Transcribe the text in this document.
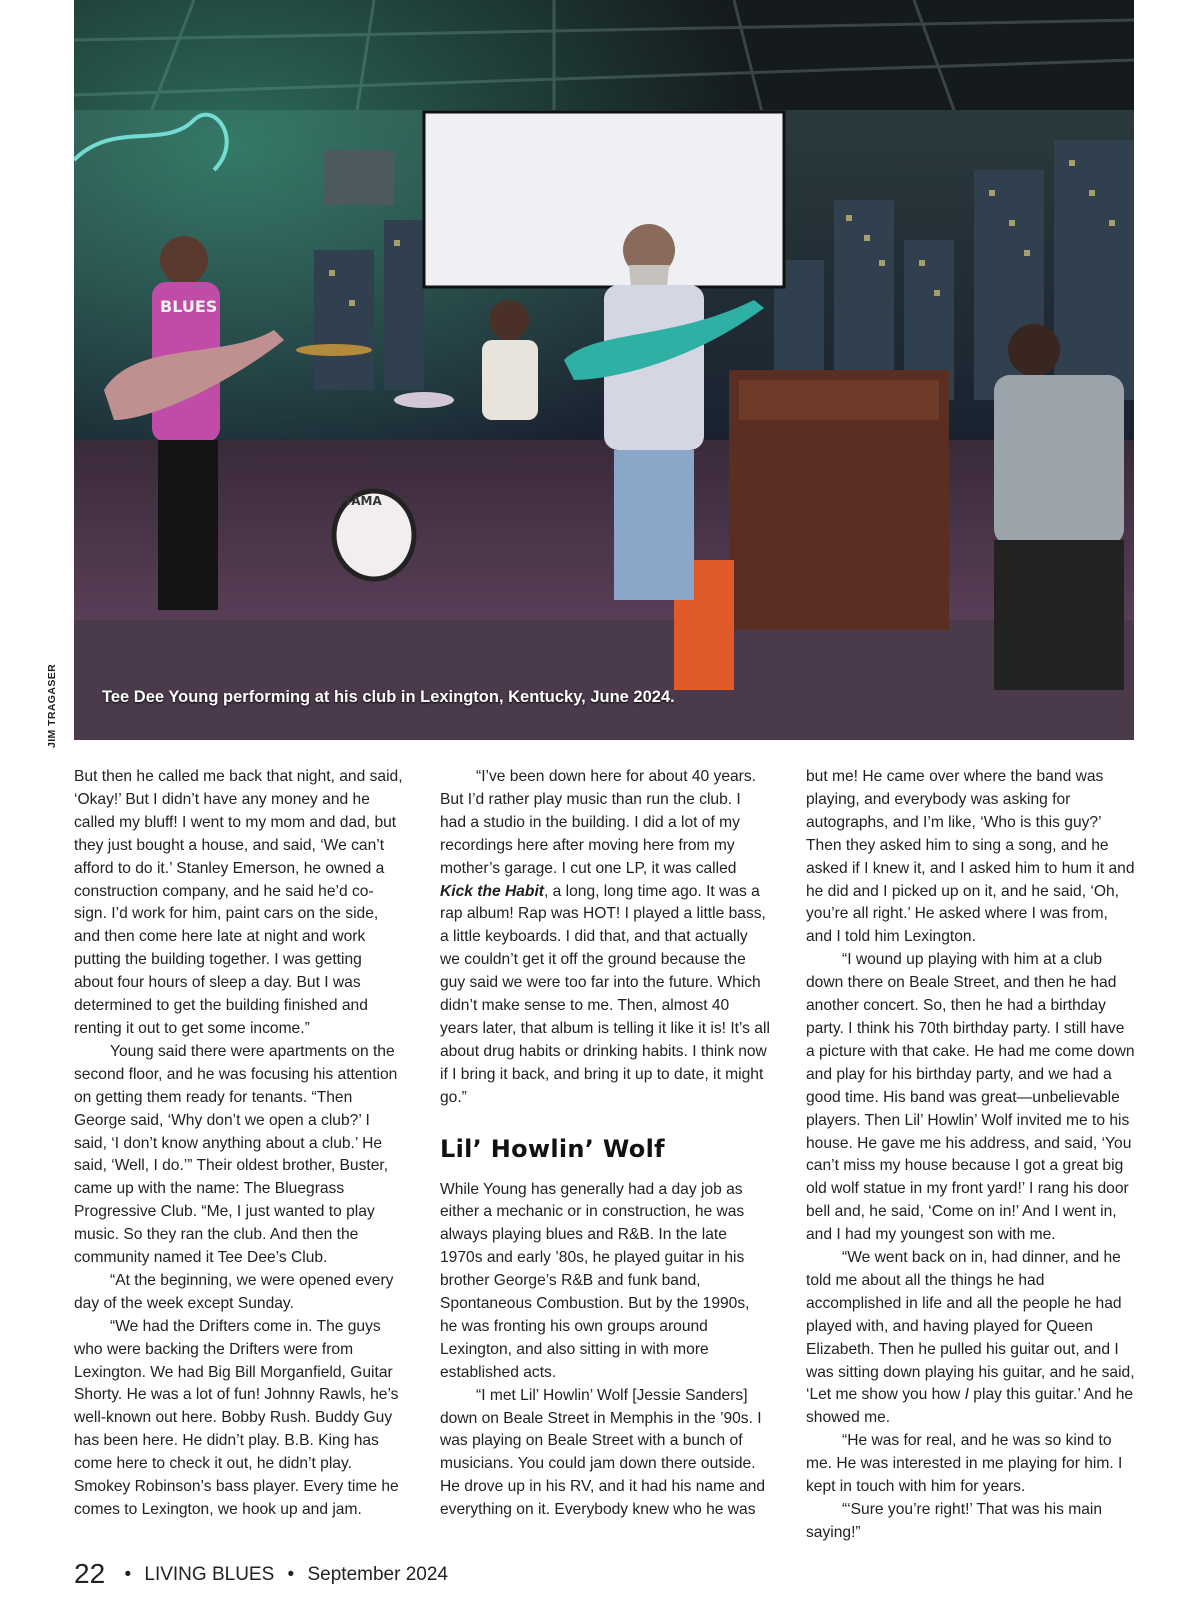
BLUES
TAMA
Tee Dee Young performing at his club in Lexington, Kentucky, June 2024.
JIM TRAGASER

But then he called me back that night, and said, ‘Okay!’ But I didn’t have any money and he called my bluff! I went to my mom and dad, but they just bought a house, and said, ‘We can’t afford to do it.’ Stanley Emerson, he owned a construction company, and he said he’d co-sign. I’d work for him, paint cars on the side, and then come here late at night and work putting the building together. I was getting about four hours of sleep a day. But I was determined to get the building finished and renting it out to get some income.”

Young said there were apartments on the second floor, and he was focusing his attention on getting them ready for tenants. “Then George said, ‘Why don’t we open a club?’ I said, ‘I don’t know anything about a club.’ He said, ‘Well, I do.’” Their oldest brother, Buster, came up with the name: The Bluegrass Progressive Club. “Me, I just wanted to play music. So they ran the club. And then the community named it Tee Dee’s Club.

“At the beginning, we were opened every day of the week except Sunday.

“We had the Drifters come in. The guys who were backing the Drifters were from Lexington. We had Big Bill Morganfield, Guitar Shorty. He was a lot of fun! Johnny Rawls, he’s well-known out here. Bobby Rush. Buddy Guy has been here. He didn’t play. B.B. King has come here to check it out, he didn’t play. Smokey Robinson’s bass player. Every time he comes to Lexington, we hook up and jam.

“I’ve been down here for about 40 years. But I’d rather play music than run the club. I had a studio in the building. I did a lot of my recordings here after moving here from my mother’s garage. I cut one LP, it was called Kick the Habit, a long, long time ago. It was a rap album! Rap was HOT! I played a little bass, a little keyboards. I did that, and that actually we couldn’t get it off the ground because the guy said we were too far into the future. Which didn’t make sense to me. Then, almost 40 years later, that album is telling it like it is! It’s all about drug habits or drinking habits. I think now if I bring it back, and bring it up to date, it might go.”

Lil’ Howlin’ Wolf

While Young has generally had a day job as either a mechanic or in construction, he was always playing blues and R&B. In the late 1970s and early ’80s, he played guitar in his brother George’s R&B and funk band, Spontaneous Combustion. But by the 1990s, he was fronting his own groups around Lexington, and also sitting in with more established acts.

“I met Lil’ Howlin’ Wolf [Jessie Sanders] down on Beale Street in Memphis in the ’90s. I was playing on Beale Street with a bunch of musicians. You could jam down there outside. He drove up in his RV, and it had his name and everything on it. Everybody knew who he was

but me! He came over where the band was playing, and everybody was asking for autographs, and I’m like, ‘Who is this guy?’ Then they asked him to sing a song, and he asked if I knew it, and I asked him to hum it and he did and I picked up on it, and he said, ‘Oh, you’re all right.’ He asked where I was from, and I told him Lexington.

“I wound up playing with him at a club down there on Beale Street, and then he had another concert. So, then he had a birthday party. I think his 70th birthday party. I still have a picture with that cake. He had me come down and play for his birthday party, and we had a good time. His band was great—unbelievable players. Then Lil’ Howlin’ Wolf invited me to his house. He gave me his address, and said, ‘You can’t miss my house because I got a great big old wolf statue in my front yard!’ I rang his door bell and, he said, ‘Come on in!’ And I went in, and I had my youngest son with me.

“We went back on in, had dinner, and he told me about all the things he had accomplished in life and all the people he had played with, and having played for Queen Elizabeth. Then he pulled his guitar out, and I was sitting down playing his guitar, and he said, ‘Let me show you how I play this guitar.’ And he showed me.

“He was for real, and he was so kind to me. He was interested in me playing for him. I kept in touch with him for years.

“‘Sure you’re right!’ That was his main saying!”

22 • LIVING BLUES • September 2024
